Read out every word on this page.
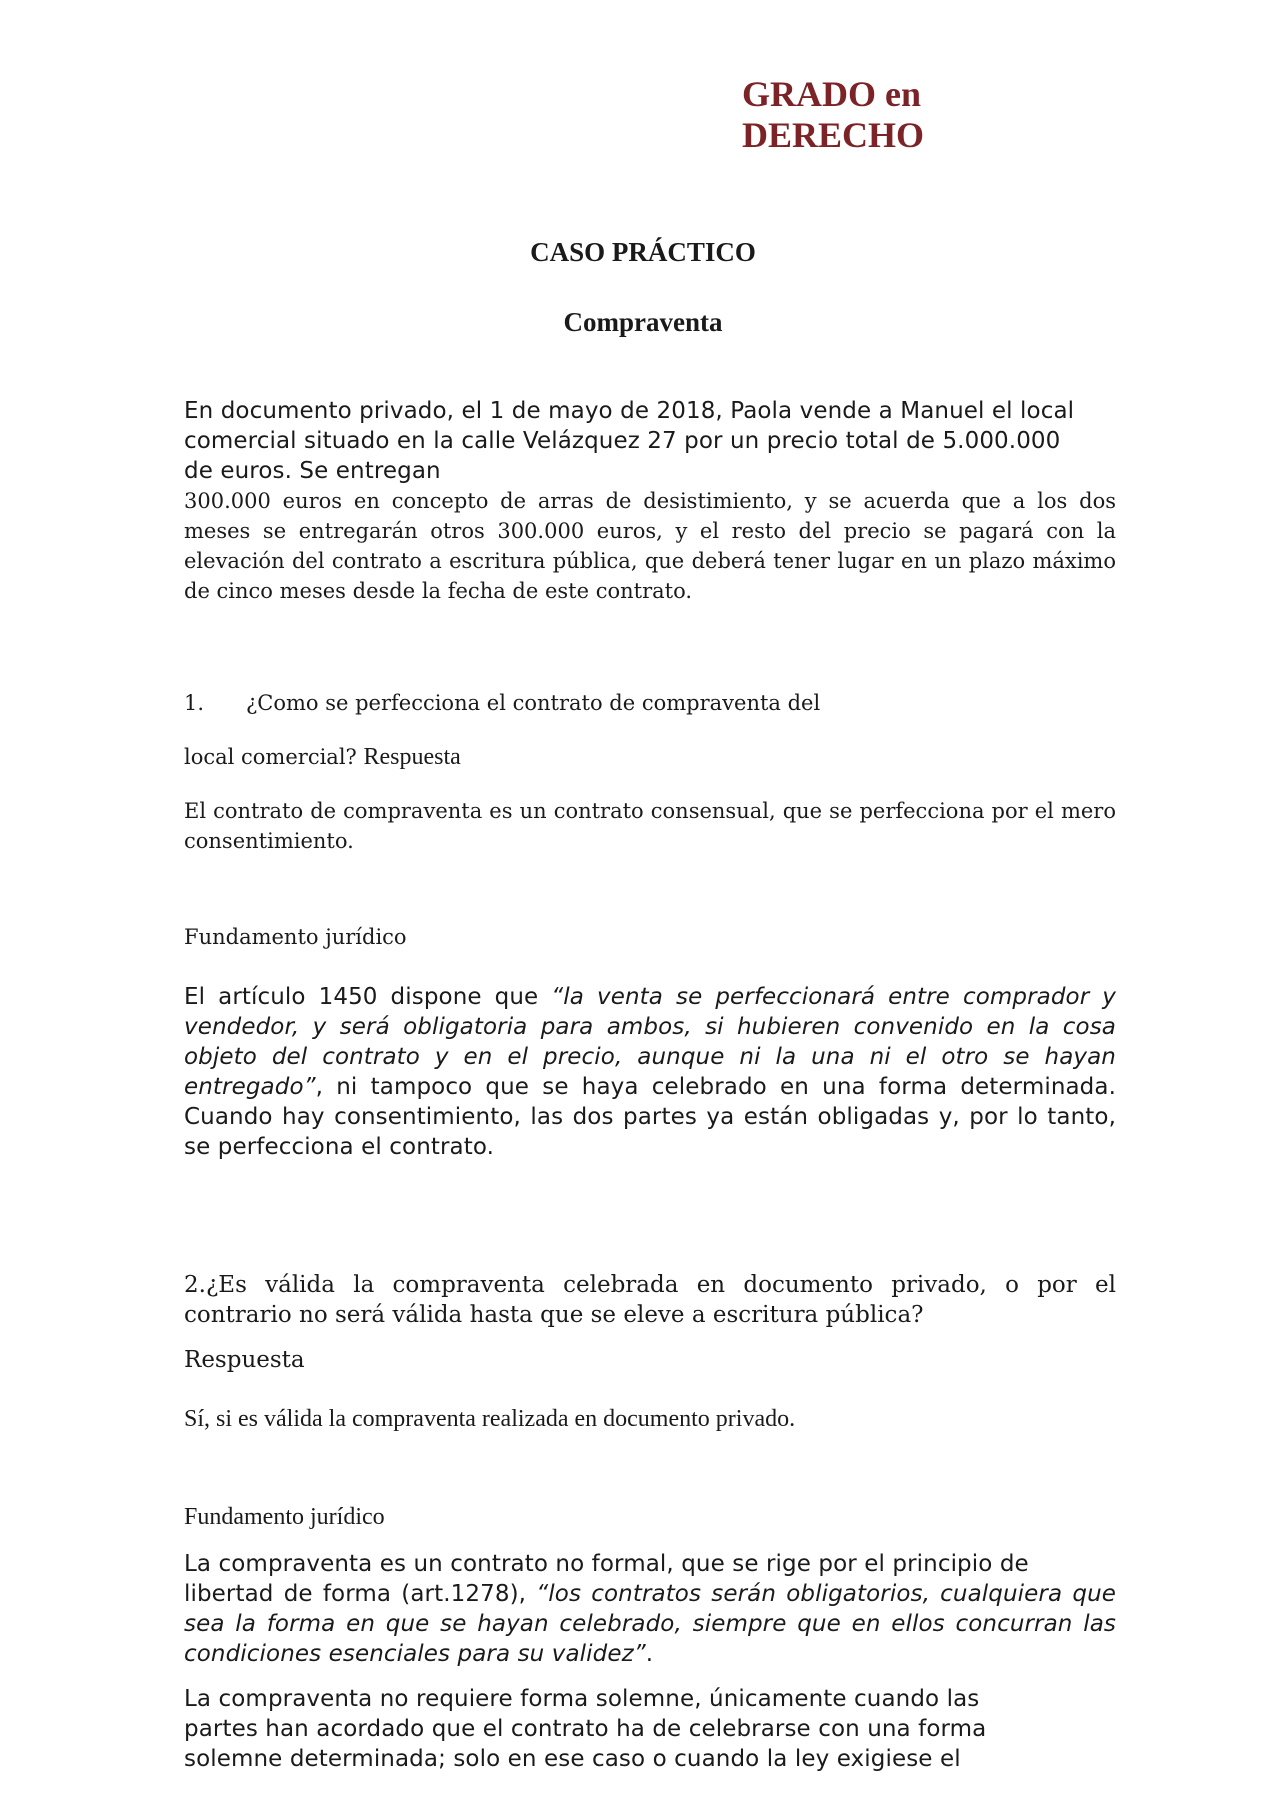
GRADO en
DERECHO
CASO PRÁCTICO
Compraventa
En documento privado, el 1 de mayo de 2018, Paola vende a Manuel el local
comercial situado en la calle Velázquez 27 por un precio total de 5.000.000
de euros. Se entregan

300.000 euros en concepto de arras de desistimiento, y se acuerda que a los dos meses se entregarán otros 300.000 euros, y el resto del precio se pagará con la elevación del contrato a escritura pública, que deberá tener lugar en un plazo máximo de cinco meses desde la fecha de este contrato.

1. ¿Como se perfecciona el contrato de compraventa del
local comercial? Respuesta

El contrato de compraventa es un contrato consensual, que se perfecciona por el mero consentimiento.

Fundamento jurídico

El artículo 1450 dispone que “la venta se perfeccionará entre comprador y vendedor, y será obligatoria para ambos, si hubieren convenido en la cosa objeto del contrato y en el precio, aunque ni la una ni el otro se hayan entregado”, ni tampoco que se haya celebrado en una forma determinada. Cuando hay consentimiento, las dos partes ya están obligadas y, por lo tanto, se perfecciona el contrato.

2.¿Es válida la compraventa celebrada en documento privado, o por el contrario no será válida hasta que se eleve a escritura pública?

Respuesta
Sí, si es válida la compraventa realizada en documento privado.
Fundamento jurídico
La compraventa es un contrato no formal, que se rige por el principio de
libertad de forma (art.1278), “los contratos serán obligatorios, cualquiera que sea la forma en que se hayan celebrado, siempre que en ellos concurran las condiciones esenciales para su validez”.
La compraventa no requiere forma solemne, únicamente cuando las
partes han acordado que el contrato ha de celebrarse con una forma
solemne determinada; solo en ese caso o cuando la ley exigiese el
